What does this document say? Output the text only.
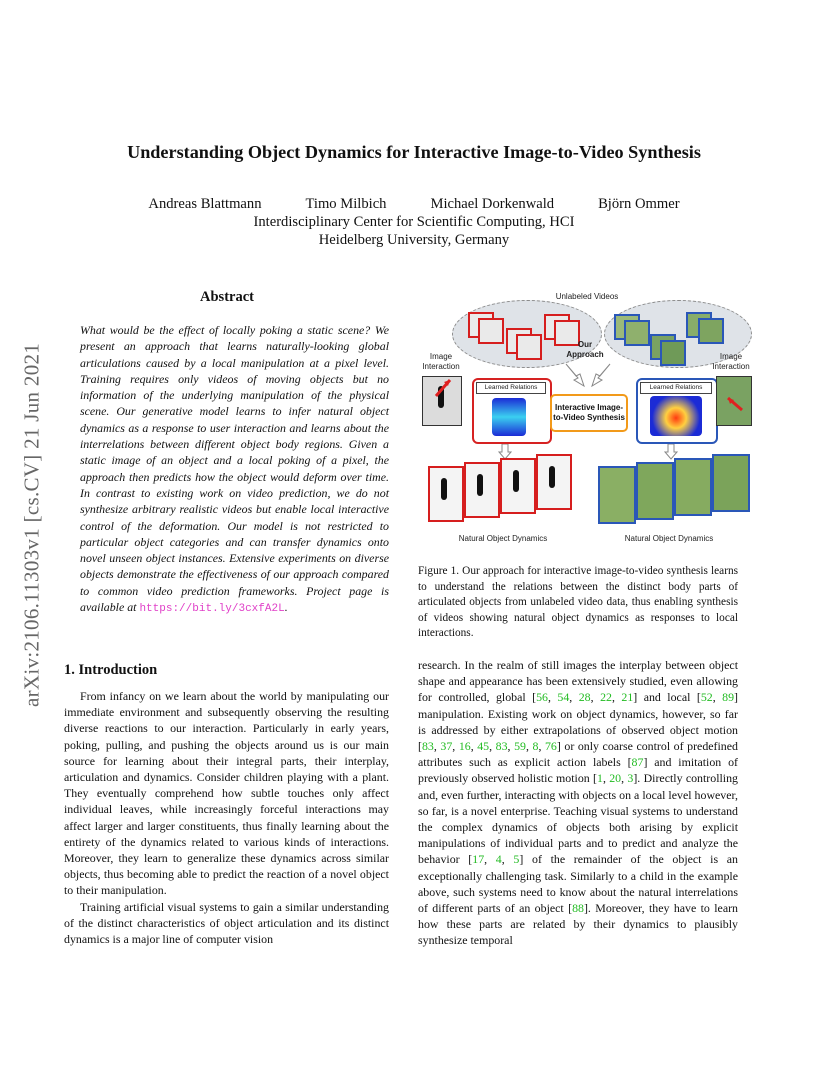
arXiv:2106.11303v1 [cs.CV] 21 Jun 2021
Understanding Object Dynamics for Interactive Image-to-Video Synthesis
Andreas Blattmann	Timo Milbich	Michael Dorkenwald	Björn Ommer
Interdisciplinary Center for Scientific Computing, HCI
Heidelberg University, Germany
Abstract
What would be the effect of locally poking a static scene? We present an approach that learns naturally-looking global articulations caused by a local manipulation at a pixel level. Training requires only videos of moving objects but no information of the underlying manipulation of the physical scene. Our generative model learns to infer natural object dynamics as a response to user interaction and learns about the interrelations between different object body regions. Given a static image of an object and a local poking of a pixel, the approach then predicts how the object would deform over time. In contrast to existing work on video prediction, we do not synthesize arbitrary realistic videos but enable local interactive control of the deformation. Our model is not restricted to particular object categories and can transfer dynamics onto novel unseen object instances. Extensive experiments on diverse objects demonstrate the effectiveness of our approach compared to common video prediction frameworks. Project page is available at https://bit.ly/3cxfA2L.
Unlabeled Videos
Our Approach
Image Interaction
Image Interaction
Learned Relations
Interactive Image-to-Video Synthesis
Learned Relations
Natural Object Dynamics	Natural Object Dynamics
Figure 1. Our approach for interactive image-to-video synthesis learns to understand the relations between the distinct body parts of articulated objects from unlabeled video data, thus enabling synthesis of videos showing natural object dynamics as responses to local interactions.
1. Introduction

From infancy on we learn about the world by manipulating our immediate environment and subsequently observing the resulting diverse reactions to our interaction. Particularly in early years, poking, pulling, and pushing the objects around us is our main source for learning about their integral parts, their interplay, articulation and dynamics. Consider children playing with a plant. They eventually comprehend how subtle touches only affect individual leaves, while increasingly forceful interactions may affect larger and larger constituents, thus finally learning about the entirety of the dynamics related to various kinds of interactions. Moreover, they learn to generalize these dynamics across similar objects, thus becoming able to predict the reaction of a novel object to their manipulation.

Training artificial visual systems to gain a similar understanding of the distinct characteristics of object articulation and its distinct dynamics is a major line of computer vision

research. In the realm of still images the interplay between object shape and appearance has been extensively studied, even allowing for controlled, global [56, 54, 28, 22, 21] and local [52, 89] manipulation. Existing work on object dynamics, however, so far is addressed by either extrapolations of observed object motion [83, 37, 16, 45, 83, 59, 8, 76] or only coarse control of predefined attributes such as explicit action labels [87] and imitation of previously observed holistic motion [1, 20, 3]. Directly controlling and, even further, interacting with objects on a local level however, so far, is a novel enterprise. Teaching visual systems to understand the complex dynamics of objects both arising by explicit manipulations of individual parts and to predict and analyze the behavior [17, 4, 5] of the remainder of the object is an exceptionally challenging task. Similarly to a child in the example above, such systems need to know about the natural interrelations of different parts of an object [88]. Moreover, they have to learn how these parts are related by their dynamics to plausibly synthesize temporal
